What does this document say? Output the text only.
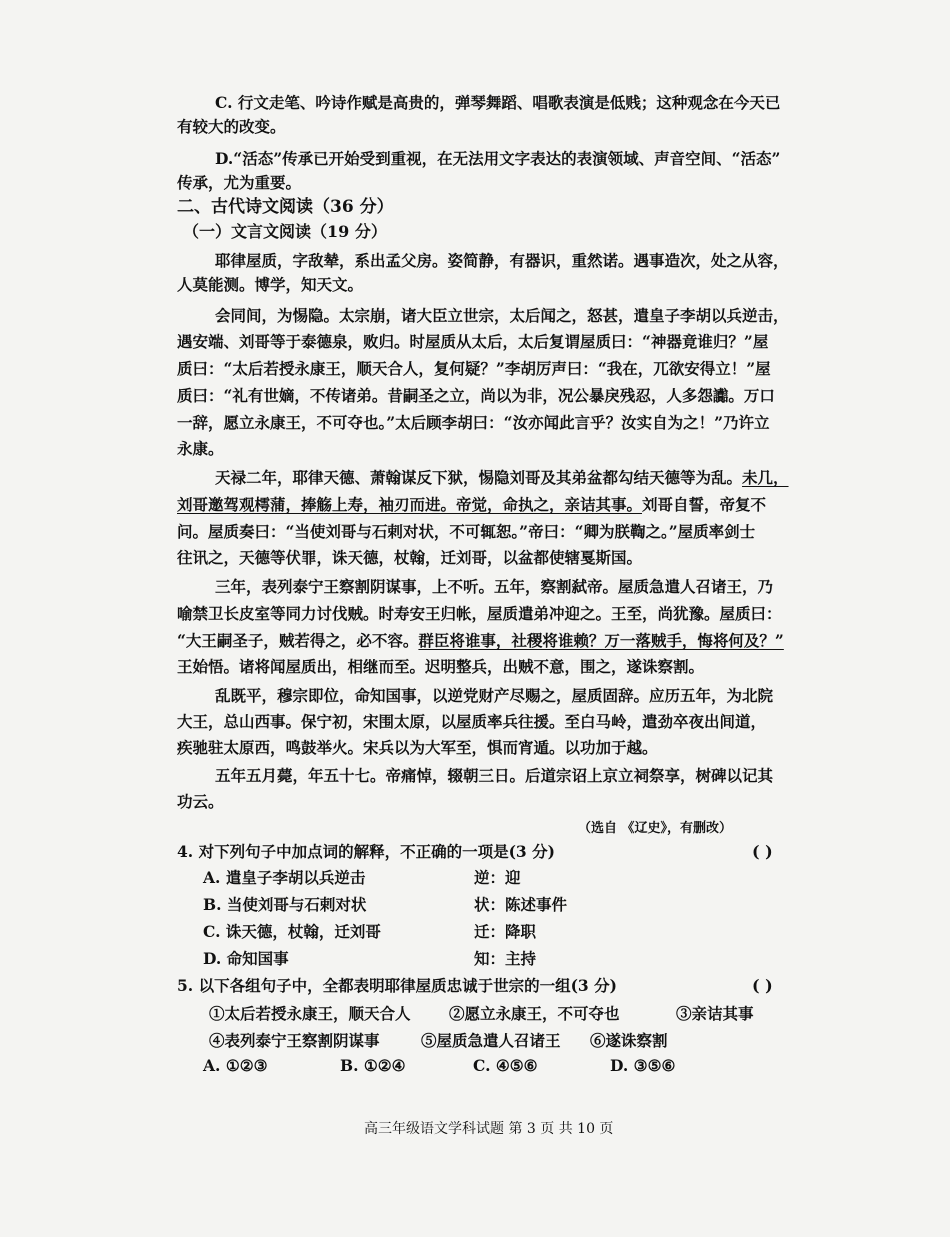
C. 行文走笔、吟诗作赋是高贵的，弹琴舞蹈、唱歌表演是低贱；这种观念在今天已
有较大的改变。
D.“活态”传承已开始受到重视，在无法用文字表达的表演领域、声音空间、“活态”
传承，尤为重要。
二、古代诗文阅读（36 分）
（一）文言文阅读（19 分）
耶律屋质，字敌辇，系出孟父房。姿简静，有器识，重然诺。遇事造次，处之从容，
人莫能测。博学，知天文。
会同间，为惕隐。太宗崩，诸大臣立世宗，太后闻之，怒甚，遣皇子李胡以兵逆击，
遇安端、刘哥等于泰德泉，败归。时屋质从太后，太后复谓屋质曰：“神器竟谁归？”屋
质曰：“太后若授永康王，顺天合人，复何疑？”李胡厉声曰：“我在，兀欲安得立！”屋
质曰：“礼有世嫡，不传诸弟。昔嗣圣之立，尚以为非，况公暴戾残忍，人多怨讟。万口
一辞，愿立永康王，不可夺也。”太后顾李胡曰：“汝亦闻此言乎？汝实自为之！”乃许立
永康。
天禄二年，耶律天德、萧翰谋反下狱，惕隐刘哥及其弟盆都勾结天德等为乱。未几，
刘哥邀驾观樗蒲，捧觞上寿，袖刃而进。帝觉，命执之，亲诘其事。刘哥自誓，帝复不
问。屋质奏曰：“当使刘哥与石剌对状，不可辄恕。”帝曰：“卿为朕鞫之。”屋质率剑士
往讯之，天德等伏罪，诛天德，杖翰，迁刘哥，以盆都使辖戛斯国。
三年，表列泰宁王察割阴谋事，上不听。五年，察割弑帝。屋质急遣人召诸王，乃
喻禁卫长皮室等同力讨伐贼。时寿安王归帐，屋质遣弟冲迎之。王至，尚犹豫。屋质曰：
“大王嗣圣子，贼若得之，必不容。群臣将谁事，社稷将谁赖？万一落贼手，悔将何及？”
王始悟。诸将闻屋质出，相继而至。迟明整兵，出贼不意，围之，遂诛察割。
乱既平，穆宗即位，命知国事，以逆党财产尽赐之，屋质固辞。应历五年，为北院
大王，总山西事。保宁初，宋围太原，以屋质率兵往援。至白马岭，遣劲卒夜出间道，
疾驰驻太原西，鸣鼓举火。宋兵以为大军至，惧而宵遁。以功加于越。
五年五月薨，年五十七。帝痛悼，辍朝三日。后道宗诏上京立祠祭享，树碑以记其
功云。
（选自 《辽史》，有删改）
4. 对下列句子中加点词的解释，不正确的一项是(3 分)	( )
A. 遣皇子李胡以兵逆击	逆：迎
B. 当使刘哥与石剌对状	状：陈述事件
C. 诛天德，杖翰，迁刘哥	迁：降职
D. 命知国事	知：主持
5. 以下各组句子中，全都表明耶律屋质忠诚于世宗的一组(3 分)	( )
①太后若授永康王，顺天合人 ②愿立永康王，不可夺也	③亲诘其事
④表列泰宁王察割阴谋事	⑤屋质急遣人召诸王 ⑥遂诛察割
A. ①②③	B. ①②④	C. ④⑤⑥	D. ③⑤⑥
高三年级语文学科试题 第 3 页 共 10 页
